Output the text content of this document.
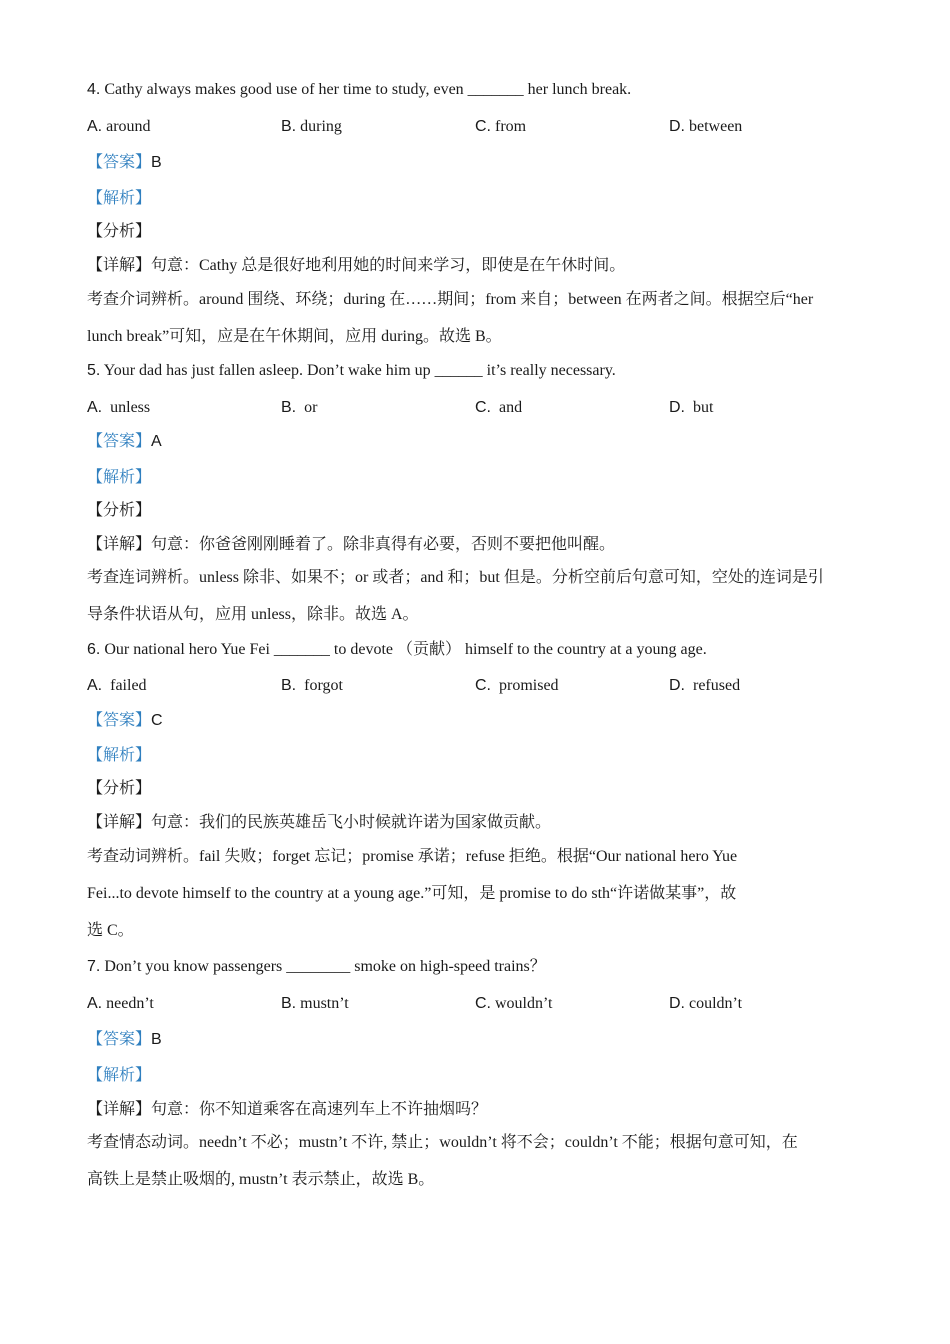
4. Cathy always makes good use of her time to study, even _______ her lunch break.
A. around	B. during	C. from	D. between
【答案】B
【解析】
【分析】
【详解】句意：Cathy 总是很好地利用她的时间来学习，即使是在午休时间。
考查介词辨析。around 围绕、环绕；during 在……期间；from 来自；between 在两者之间。根据空后“her
lunch break”可知，应是在午休期间，应用 during。故选 B。
5. Your dad has just fallen asleep. Don’t wake him up ______ it’s really necessary.
A. unless	B. or	C. and	D. but
【答案】A
【解析】
【分析】
【详解】句意：你爸爸刚刚睡着了。除非真得有必要，否则不要把他叫醒。
考查连词辨析。unless 除非、如果不；or 或者；and 和；but 但是。分析空前后句意可知，空处的连词是引
导条件状语从句，应用 unless，除非。故选 A。
6. Our national hero Yue Fei _______ to devote （贡献） himself to the country at a young age.
A. failed	B. forgot	C. promised	D. refused
【答案】C
【解析】
【分析】
【详解】句意：我们的民族英雄岳飞小时候就许诺为国家做贡献。
考查动词辨析。fail 失败；forget 忘记；promise 承诺；refuse 拒绝。根据“Our national hero Yue
Fei...to devote himself to the country at a young age.”可知，是 promise to do sth“许诺做某事”，故
选 C。
7. Don’t you know passengers ________ smoke on high-speed trains？
A. needn’t	B. mustn’t	C. wouldn’t	D. couldn’t
【答案】B
【解析】
【详解】句意：你不知道乘客在高速列车上不许抽烟吗？
考查情态动词。needn’t 不必；mustn’t 不许, 禁止；wouldn’t 将不会；couldn’t 不能；根据句意可知，在
高铁上是禁止吸烟的, mustn’t 表示禁止，故选 B。
